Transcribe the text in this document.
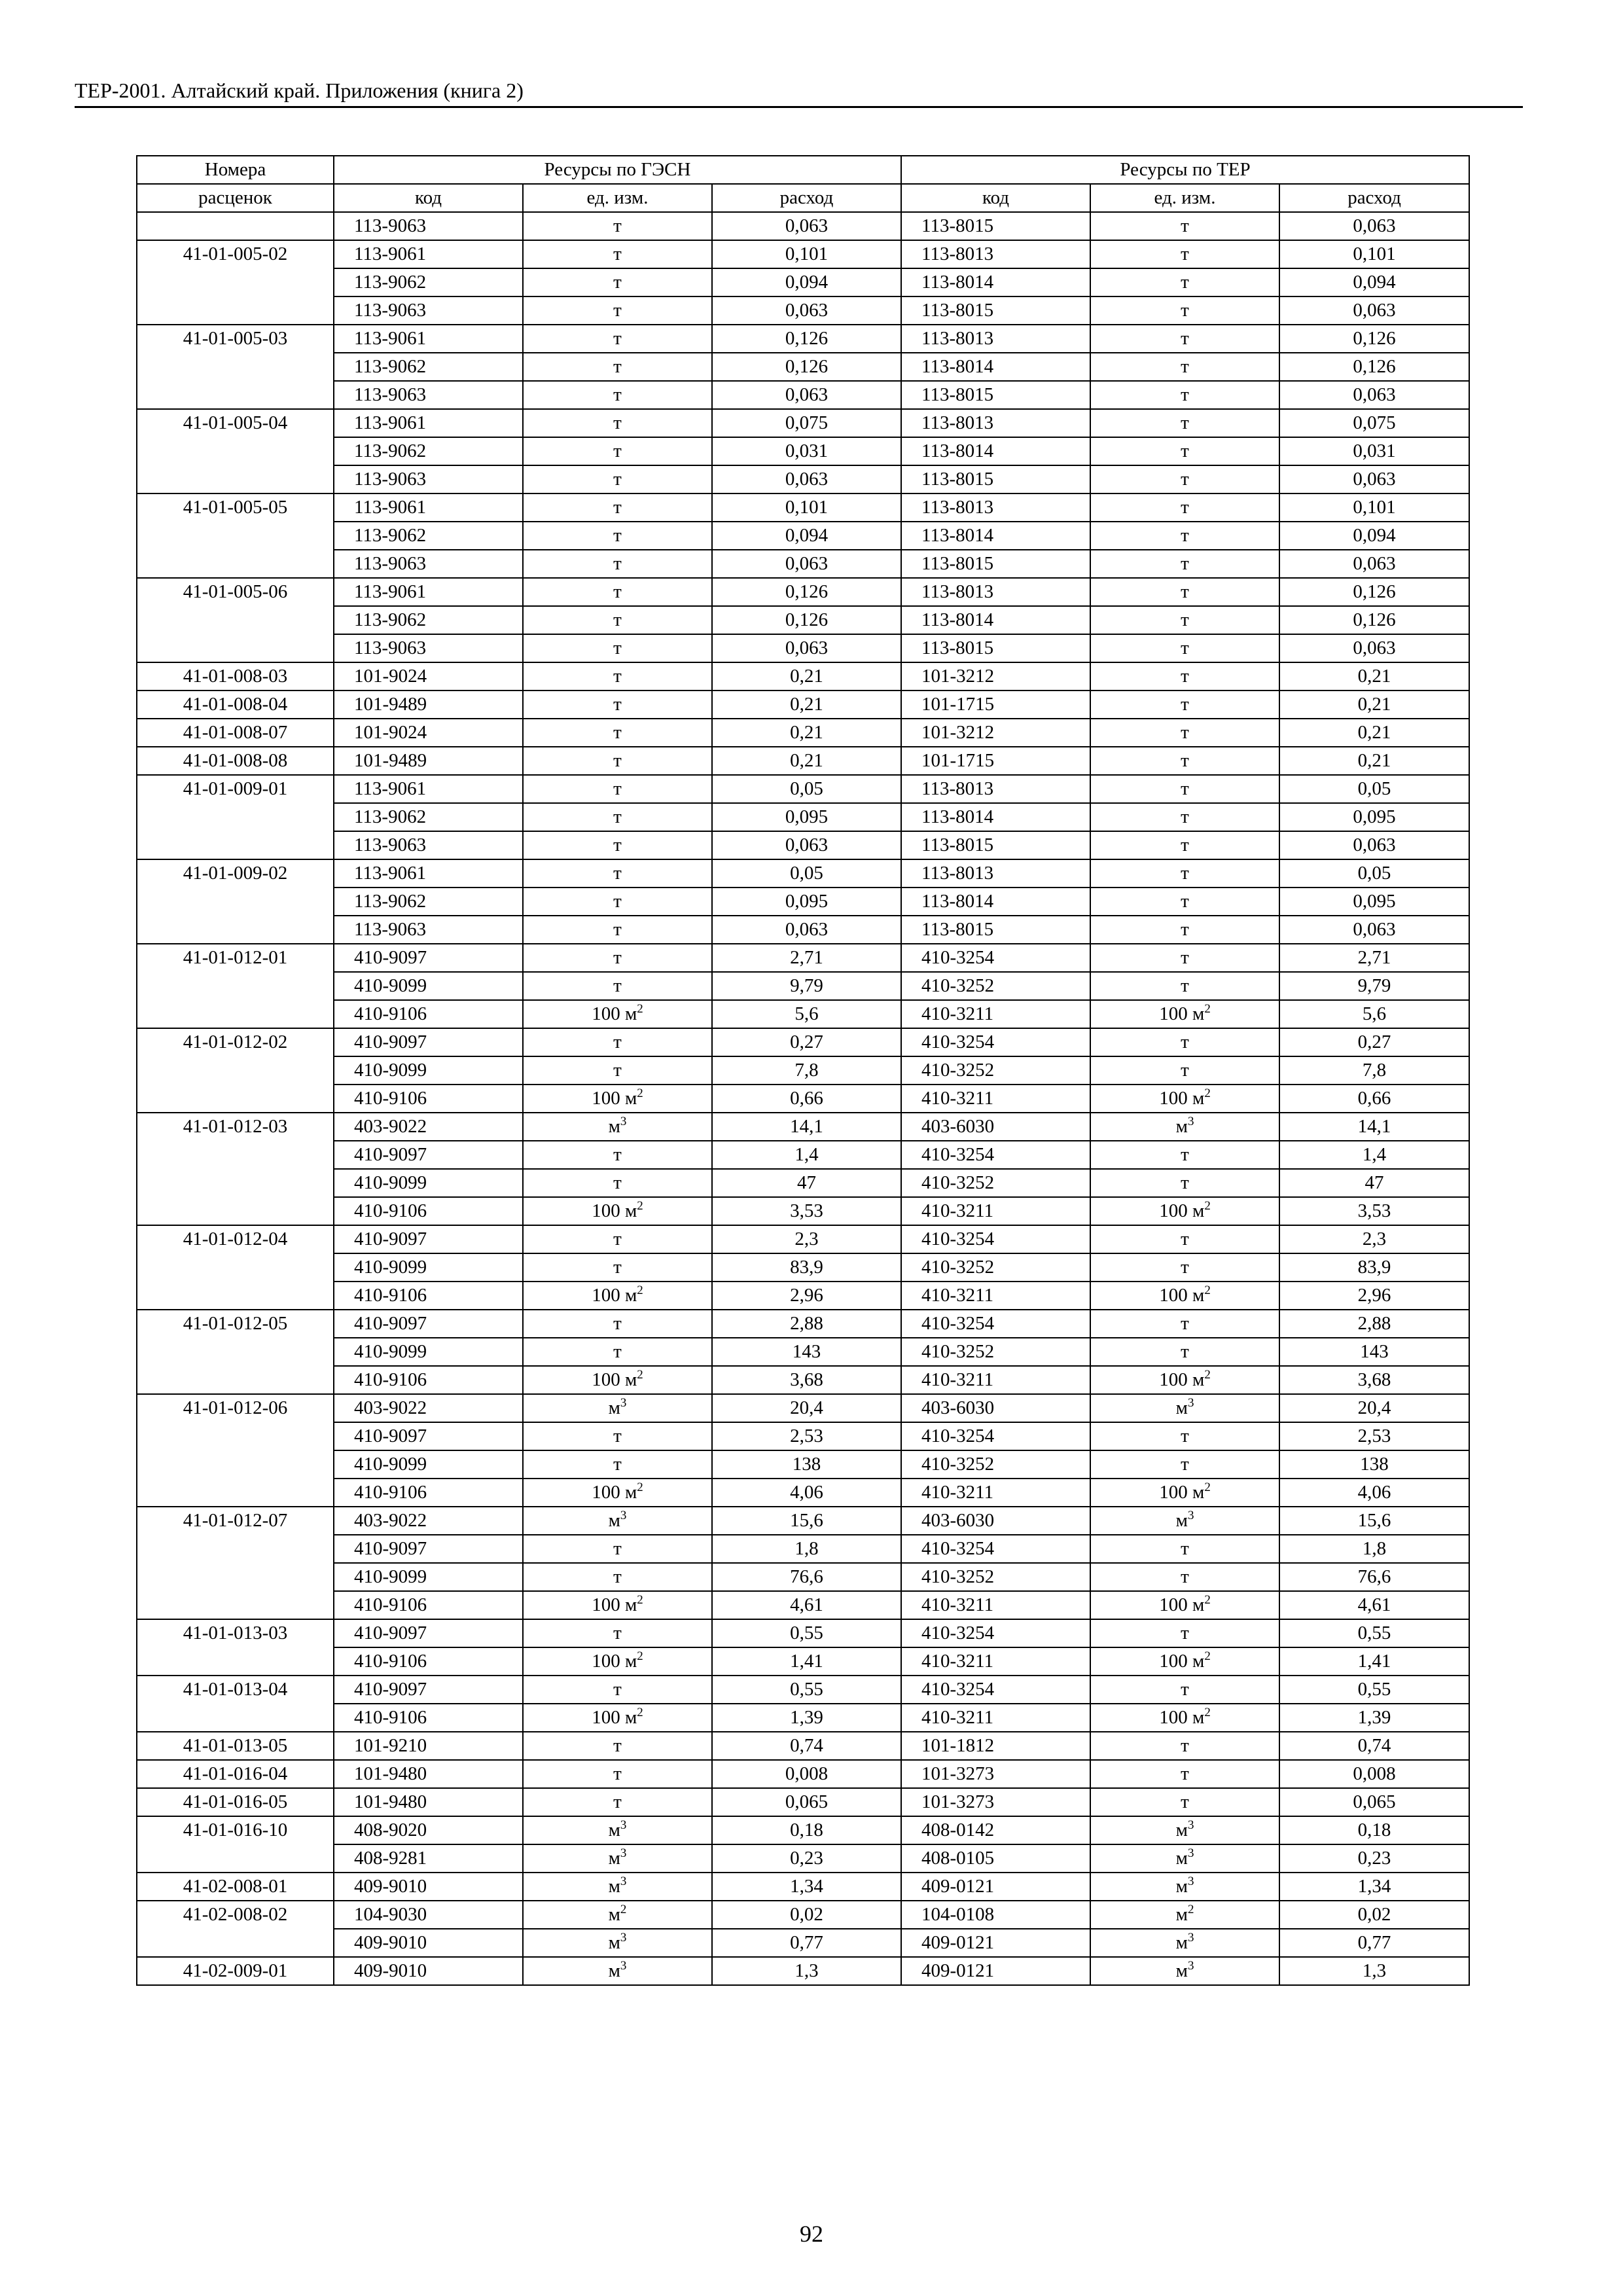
ТЕР-2001. Алтайский край. Приложения (книга 2)
Номера	Ресурсы по ГЭСН			Ресурсы по ТЕР		
расценок	код	ед. изм.	расход	код	ед. изм.	расход
	113-9063	т	0,063	113-8015	т	0,063
41-01-005-02	113-9061	т	0,101	113-8013	т	0,101
	113-9062	т	0,094	113-8014	т	0,094
	113-9063	т	0,063	113-8015	т	0,063
41-01-005-03	113-9061	т	0,126	113-8013	т	0,126
	113-9062	т	0,126	113-8014	т	0,126
	113-9063	т	0,063	113-8015	т	0,063
41-01-005-04	113-9061	т	0,075	113-8013	т	0,075
	113-9062	т	0,031	113-8014	т	0,031
	113-9063	т	0,063	113-8015	т	0,063
41-01-005-05	113-9061	т	0,101	113-8013	т	0,101
	113-9062	т	0,094	113-8014	т	0,094
	113-9063	т	0,063	113-8015	т	0,063
41-01-005-06	113-9061	т	0,126	113-8013	т	0,126
	113-9062	т	0,126	113-8014	т	0,126
	113-9063	т	0,063	113-8015	т	0,063
41-01-008-03	101-9024	т	0,21	101-3212	т	0,21
41-01-008-04	101-9489	т	0,21	101-1715	т	0,21
41-01-008-07	101-9024	т	0,21	101-3212	т	0,21
41-01-008-08	101-9489	т	0,21	101-1715	т	0,21
41-01-009-01	113-9061	т	0,05	113-8013	т	0,05
	113-9062	т	0,095	113-8014	т	0,095
	113-9063	т	0,063	113-8015	т	0,063
41-01-009-02	113-9061	т	0,05	113-8013	т	0,05
	113-9062	т	0,095	113-8014	т	0,095
	113-9063	т	0,063	113-8015	т	0,063
41-01-012-01	410-9097	т	2,71	410-3254	т	2,71
	410-9099	т	9,79	410-3252	т	9,79
	410-9106	100 $м^2$	5,6	410-3211	100 $м^2$	5,6
41-01-012-02	410-9097	т	0,27	410-3254	т	0,27
	410-9099	т	7,8	410-3252	т	7,8
	410-9106	100 $м^2$	0,66	410-3211	100 $м^2$	0,66
41-01-012-03	403-9022	$м^3$	14,1	403-6030	$м^3$	14,1
	410-9097	т	1,4	410-3254	т	1,4
	410-9099	т	47	410-3252	т	47
	410-9106	100 $м^2$	3,53	410-3211	100 $м^2$	3,53
41-01-012-04	410-9097	т	2,3	410-3254	т	2,3
	410-9099	т	83,9	410-3252	т	83,9
	410-9106	100 $м^2$	2,96	410-3211	100 $м^2$	2,96
41-01-012-05	410-9097	т	2,88	410-3254	т	2,88
	410-9099	т	143	410-3252	т	143
	410-9106	100 $м^2$	3,68	410-3211	100 $м^2$	3,68
41-01-012-06	403-9022	$м^3$	20,4	403-6030	$м^3$	20,4
	410-9097	т	2,53	410-3254	т	2,53
	410-9099	т	138	410-3252	т	138
	410-9106	100 $м^2$	4,06	410-3211	100 $м^2$	4,06
41-01-012-07	403-9022	$м^3$	15,6	403-6030	$м^3$	15,6
	410-9097	т	1,8	410-3254	т	1,8
	410-9099	т	76,6	410-3252	т	76,6
	410-9106	100 $м^2$	4,61	410-3211	100 $м^2$	4,61
41-01-013-03	410-9097	т	0,55	410-3254	т	0,55
	410-9106	100 $м^2$	1,41	410-3211	100 $м^2$	1,41
41-01-013-04	410-9097	т	0,55	410-3254	т	0,55
	410-9106	100 $м^2$	1,39	410-3211	100 $м^2$	1,39
41-01-013-05	101-9210	т	0,74	101-1812	т	0,74
41-01-016-04	101-9480	т	0,008	101-3273	т	0,008
41-01-016-05	101-9480	т	0,065	101-3273	т	0,065
41-01-016-10	408-9020	$м^3$	0,18	408-0142	$м^3$	0,18
	408-9281	$м^3$	0,23	408-0105	$м^3$	0,23
41-02-008-01	409-9010	$м^3$	1,34	409-0121	$м^3$	1,34
41-02-008-02	104-9030	$м^2$	0,02	104-0108	$м^2$	0,02
	409-9010	$м^3$	0,77	409-0121	$м^3$	0,77
41-02-009-01	409-9010	$м^3$	1,3	409-0121	$м^3$	1,3
92
